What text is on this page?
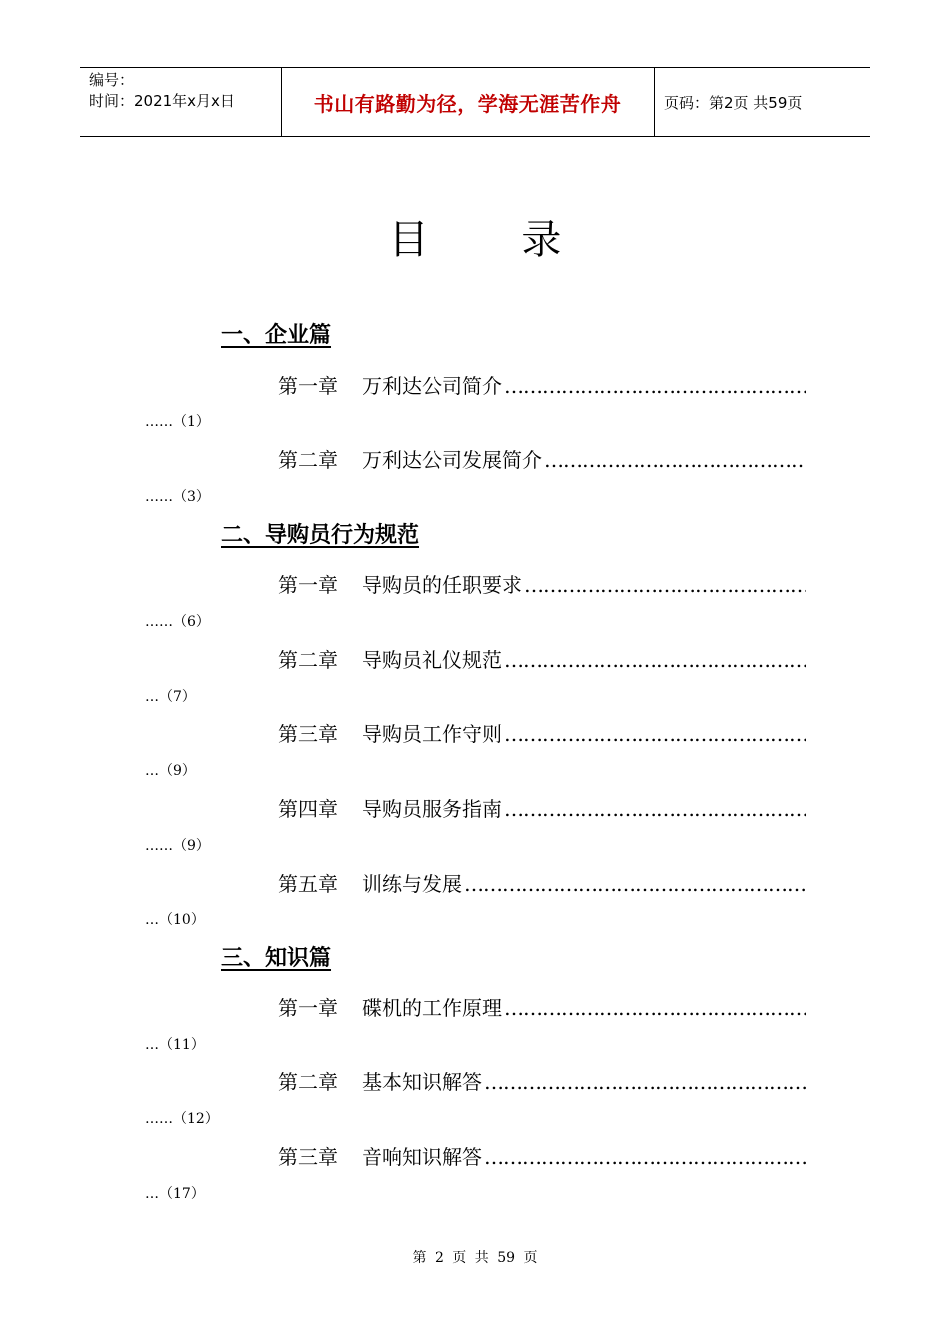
编号：
时间：2021年x月x日	书山有路勤为径，学海无涯苦作舟	页码：第2页 共59页
目 录
一、企业篇
第一章 万利达公司简介
…………………………………………………………………………………………………………………………
……（1）
第二章 万利达公司发展简介
…………………………………………………………………………………………………………………………
……（3）
二、导购员行为规范
第一章 导购员的任职要求
…………………………………………………………………………………………………………………………
……（6）
第二章 导购员礼仪规范
…………………………………………………………………………………………………………………………
…（7）
第三章 导购员工作守则
…………………………………………………………………………………………………………………………
…（9）
第四章 导购员服务指南
…………………………………………………………………………………………………………………………
……（9）
第五章 训练与发展
…………………………………………………………………………………………………………………………
…（10）
三、知识篇
第一章 碟机的工作原理
…………………………………………………………………………………………………………………………
…（11）
第二章 基本知识解答
…………………………………………………………………………………………………………………………
……（12）
第三章 音响知识解答
…………………………………………………………………………………………………………………………
…（17）
第 2 页 共 59 页
